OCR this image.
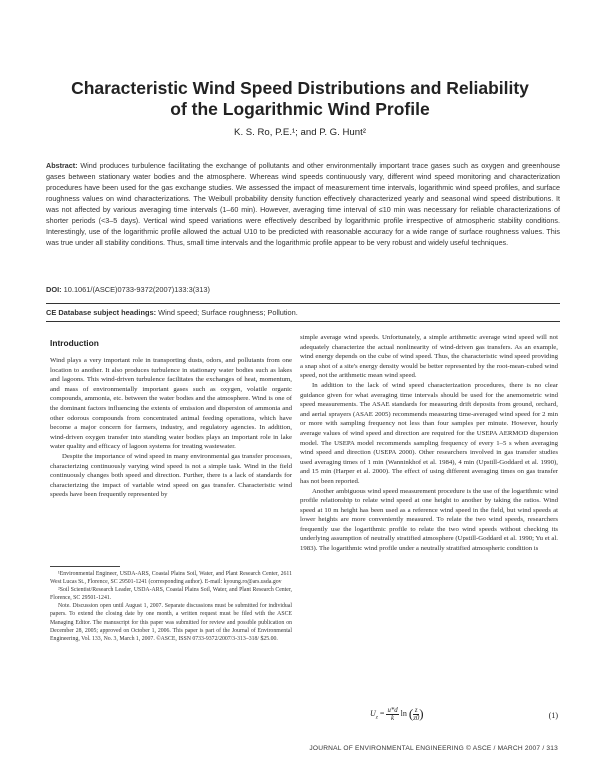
Characteristic Wind Speed Distributions and Reliability
of the Logarithmic Wind Profile
K. S. Ro, P.E.¹; and P. G. Hunt²
Abstract: Wind produces turbulence facilitating the exchange of pollutants and other environmentally important trace gases such as oxygen and greenhouse gases between stationary water bodies and the atmosphere. Whereas wind speeds continuously vary, different wind speed monitoring and characterization procedures have been used for the gas exchange studies. We assessed the impact of measurement time intervals, logarithmic wind speed profiles, and surface roughness values on wind characterizations. The Weibull probability density function effectively characterized yearly and seasonal wind speed distributions. It was not affected by various averaging time intervals (1–60 min). However, averaging time interval of ≤10 min was necessary for reliable characterizations of shorter periods (<3–5 days). Vertical wind speed variations were effectively described by logarithmic profile irrespective of atmospheric stability conditions. Interestingly, use of the logarithmic profile allowed the actual U10 to be predicted with reasonable accuracy for a wide range of surface roughness values. This was true under all stability conditions. Thus, small time intervals and the logarithmic profile appear to be very robust and widely useful techniques.
DOI: 10.1061/(ASCE)0733-9372(2007)133:3(313)
CE Database subject headings: Wind speed; Surface roughness; Pollution.
Introduction

Wind plays a very important role in transporting dusts, odors, and pollutants from one location to another. It also produces turbulence in stationary water bodies such as lakes and lagoons. This wind-driven turbulence facilitates the exchanges of heat, momentum, and mass of environmentally important gases such as oxygen, volatile organic compounds, ammonia, etc. between the water bodies and the atmosphere. Wind is one of the dominant factors influencing the extents of emission and dispersion of ammonia and other odorous compounds from concentrated animal feeding operations, which have become a major concern for farmers, industry, and regulatory agencies. In addition, wind-driven oxygen transfer into standing water bodies plays an important role in lake water quality and efficacy of lagoon systems for treating wastewater.

Despite the importance of wind speed in many environmental gas transfer processes, characterizing continuously varying wind speed is not a simple task. Wind in the field continuously changes both speed and direction. Further, there is a lack of standards for characterizing the impact of variable wind speed on gas transfer. Characteristic wind speeds have been frequently represented by

¹Environmental Engineer, USDA-ARS, Coastal Plains Soil, Water, and Plant Research Center, 2611 West Lucas St., Florence, SC 29501-1241 (corresponding author). E-mail: kyoung.ro@ars.usda.gov

²Soil Scientist/Research Leader, USDA-ARS, Coastal Plains Soil, Water, and Plant Research Center, Florence, SC 29501-1241.

Note. Discussion open until August 1, 2007. Separate discussions must be submitted for individual papers. To extend the closing date by one month, a written request must be filed with the ASCE Managing Editor. The manuscript for this paper was submitted for review and possible publication on December 28, 2005; approved on October 1, 2006. This paper is part of the Journal of Environmental Engineering, Vol. 133, No. 3, March 1, 2007. ©ASCE, ISSN 0733-9372/2007/3-313–318/ $25.00.

simple average wind speeds. Unfortunately, a simple arithmetic average wind speed will not adequately characterize the actual nonlinearity of wind-driven gas transfers. As an example, wind energy depends on the cube of wind speed. Thus, the characteristic wind speed providing a snap shot of a site's energy density would be better represented by the root-mean-cubed wind speed, not the arithmetic mean wind speed.

In addition to the lack of wind speed characterization procedures, there is no clear guidance given for what averaging time intervals should be used for the anemometric wind speed measurements. The ASAE standards for measuring drift deposits from ground, orchard, and aerial sprayers (ASAE 2005) recommends measuring time-averaged wind speed for 2 min or more with sampling frequency not less than four samples per minute. However, hourly average values of wind speed and direction are required for the USEPA AERMOD dispersion model. The USEPA model recommends sampling frequency of every 1–5 s when averaging wind speed and direction (USEPA 2000). Other researchers involved in gas transfer studies used averaging times of 1 min (Wanninkhof et al. 1984), 4 min (Upstill-Goddard et al. 1990), and 15 min (Harper et al. 2000). The effect of using different averaging times on gas transfer has not been reported.

Another ambiguous wind speed measurement procedure is the use of the logarithmic wind profile relationship to relate wind speed at one height to another by taking the ratios. Wind speed at 10 m height has been used as a reference wind speed in the field, but wind speeds at lower heights are more conveniently measured. To relate the two wind speeds, researchers frequently use the logarithmic profile to relate the two wind speeds without checking its underlying assumption of neutrally stratified atmosphere (Upstill-Goddard et al. 1990; Yu et al. 1983). The logarithmic wind profile under a neutrally stratified atmospheric condition is

$U_z = \frac{u*d}{k}$ ln ( $\frac{z}{z0}$ )	(1)
JOURNAL OF ENVIRONMENTAL ENGINEERING © ASCE / MARCH 2007 / 313
